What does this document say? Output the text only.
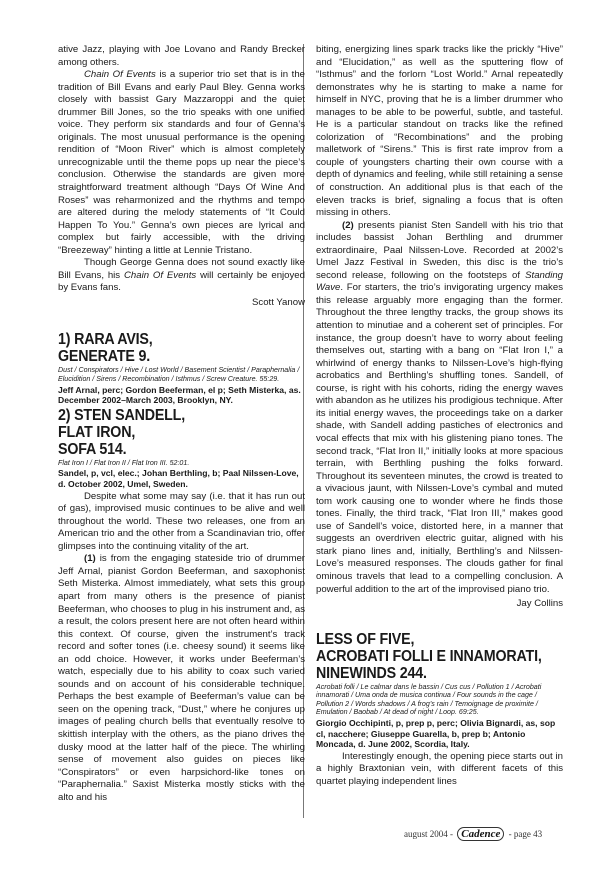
ative Jazz, playing with Joe Lovano and Randy Brecker among others.

Chain Of Events is a superior trio set that is in the tradition of Bill Evans and early Paul Bley. Genna works closely with bassist Gary Mazzaroppi and the quiet drummer Bill Jones, so the trio speaks with one unified voice. They perform six standards and four of Genna’s originals. The most unusual performance is the opening rendition of “Moon River” which is almost completely unrecognizable until the theme pops up near the piece’s conclusion. Otherwise the standards are given more straightforward treatment although “Days Of Wine And Roses” was reharmonized and the rhythms and tempo are altered during the melody statements of “It Could Happen To You.” Genna’s own pieces are lyrical and complex but fairly accessible, with the driving “Breezeway” hinting a little at Lennie Tristano.

Though George Genna does not sound exactly like Bill Evans, his Chain Of Events will certainly be enjoyed by Evans fans.

Scott Yanow
1) RARA AVIS,
GENERATE 9.
Dust / Conspirators / Hive / Lost World / Basement Scientist / Paraphernalia / Elucidition / Sirens / Recombination / Isthmus / Screw Creature. 55:29.
Jeff Arnal, perc; Gordon Beeferman, el p; Seth Misterka, as. December 2002–March 2003, Brooklyn, NY.
2) STEN SANDELL,
FLAT IRON,
SOFA 514.
Flat Iron I / Flat Iron II / Flat Iron III. 52:01.
Sandel, p, vcl, elec.; Johan Berthling, b; Paal Nilssen-Love, d. October 2002, Umel, Sweden.

Despite what some may say (i.e. that it has run out of gas), improvised music continues to be alive and well throughout the world. These two releases, one from an American trio and the other from a Scandinavian trio, offer glimpses into the continuing vitality of the art.

(1) is from the engaging stateside trio of drummer Jeff Arnal, pianist Gordon Beeferman, and saxophonist Seth Misterka. Almost immediately, what sets this group apart from many others is the presence of pianist Beeferman, who chooses to plug in his instrument and, as a result, the colors present here are not often heard within this context. Of course, given the instrument’s track record and softer tones (i.e. cheesy sound) it seems like an odd choice. However, it works under Beeferman’s watch, especially due to his ability to coax such varied sounds and on account of his considerable technique. Perhaps the best example of Beeferman’s value can be seen on the opening track, “Dust,” where he conjures up images of pealing church bells that eventually resolve to skittish interplay with the others, as the piano drives the dusky mood at the latter half of the piece. The whirling sense of movement also guides on pieces like “Conspirators” or even harpsichord-like tones on “Paraphernalia.” Saxist Misterka mostly sticks with the alto and his

biting, energizing lines spark tracks like the prickly “Hive” and “Elucidation,” as well as the sputtering flow of “Isthmus” and the forlorn “Lost World.” Arnal repeatedly demonstrates why he is starting to make a name for himself in NYC, proving that he is a limber drummer who manages to be able to be powerful, subtle, and tasteful. He is a particular standout on tracks like the refined colorization of “Recombinations” and the probing malletwork of “Sirens.” This is first rate improv from a couple of youngsters charting their own course with a depth of dynamics and feeling, while still retaining a sense of construction. An additional plus is that each of the eleven tracks is brief, signaling a focus that is often missing in others.

(2) presents pianist Sten Sandell with his trio that includes bassist Johan Berthling and drummer extraordinaire, Paal Nilssen-Love. Recorded at 2002’s Umel Jazz Festival in Sweden, this disc is the trio’s second release, following on the footsteps of Standing Wave. For starters, the trio’s invigorating urgency makes this release arguably more engaging than the former. Throughout the three lengthy tracks, the group shows its attention to minutiae and a coherent set of principles. For instance, the group doesn’t have to worry about feeling themselves out, starting with a bang on “Flat Iron I,” a whirlwind of energy thanks to Nilssen-Love’s high-flying acrobatics and Berthling’s shuffling tones. Sandell, of course, is right with his cohorts, riding the energy waves with abandon as he utilizes his prodigious technique. After its initial energy waves, the proceedings take on a darker shade, with Sandell adding pastiches of electronics and vocal effects that mix with his glistening piano tones. The second track, “Flat Iron II,” initially looks at more spacious terrain, with Berthling pushing the folks forward. Throughout its seventeen minutes, the crowd is treated to a vivacious jaunt, with Nilssen-Love’s cymbal and muted tom work causing one to wonder where he finds those tones. Finally, the third track, “Flat Iron III,” makes good use of Sandell’s voice, distorted here, in a manner that suggests an overdriven electric guitar, aligned with his stark piano lines and, initially, Berthling’s and Nilssen-Love’s measured responses. The clouds gather for final ominous travels that lead to a compelling conclusion. A powerful addition to the art of the improvised piano trio.

Jay Collins
LESS OF FIVE,
ACROBATI FOLLI E INNAMORATI,
NINEWINDS 244.
Acrobati folli / Le calmar dans le bassin / Cus cus / Pollution 1 / Acrobati innamorati / Uma onda de musica continua / Four sounds in the cage / Pollution 2 / Words shadows / A frog’s rain / Temoignage de proximite / Emulation / Baobab / At dead of night / Loop. 69:25.
Giorgio Occhipinti, p, prep p, perc; Olivia Bignardi, as, sop cl, nacchere; Giuseppe Guarella, b, prep b; Antonio Moncada, d. June 2002, Scordia, Italy.

Interestingly enough, the opening piece starts out in a highly Braxtonian vein, with different facets of this quartet playing independent lines

august 2004 - Cadence - page 43
